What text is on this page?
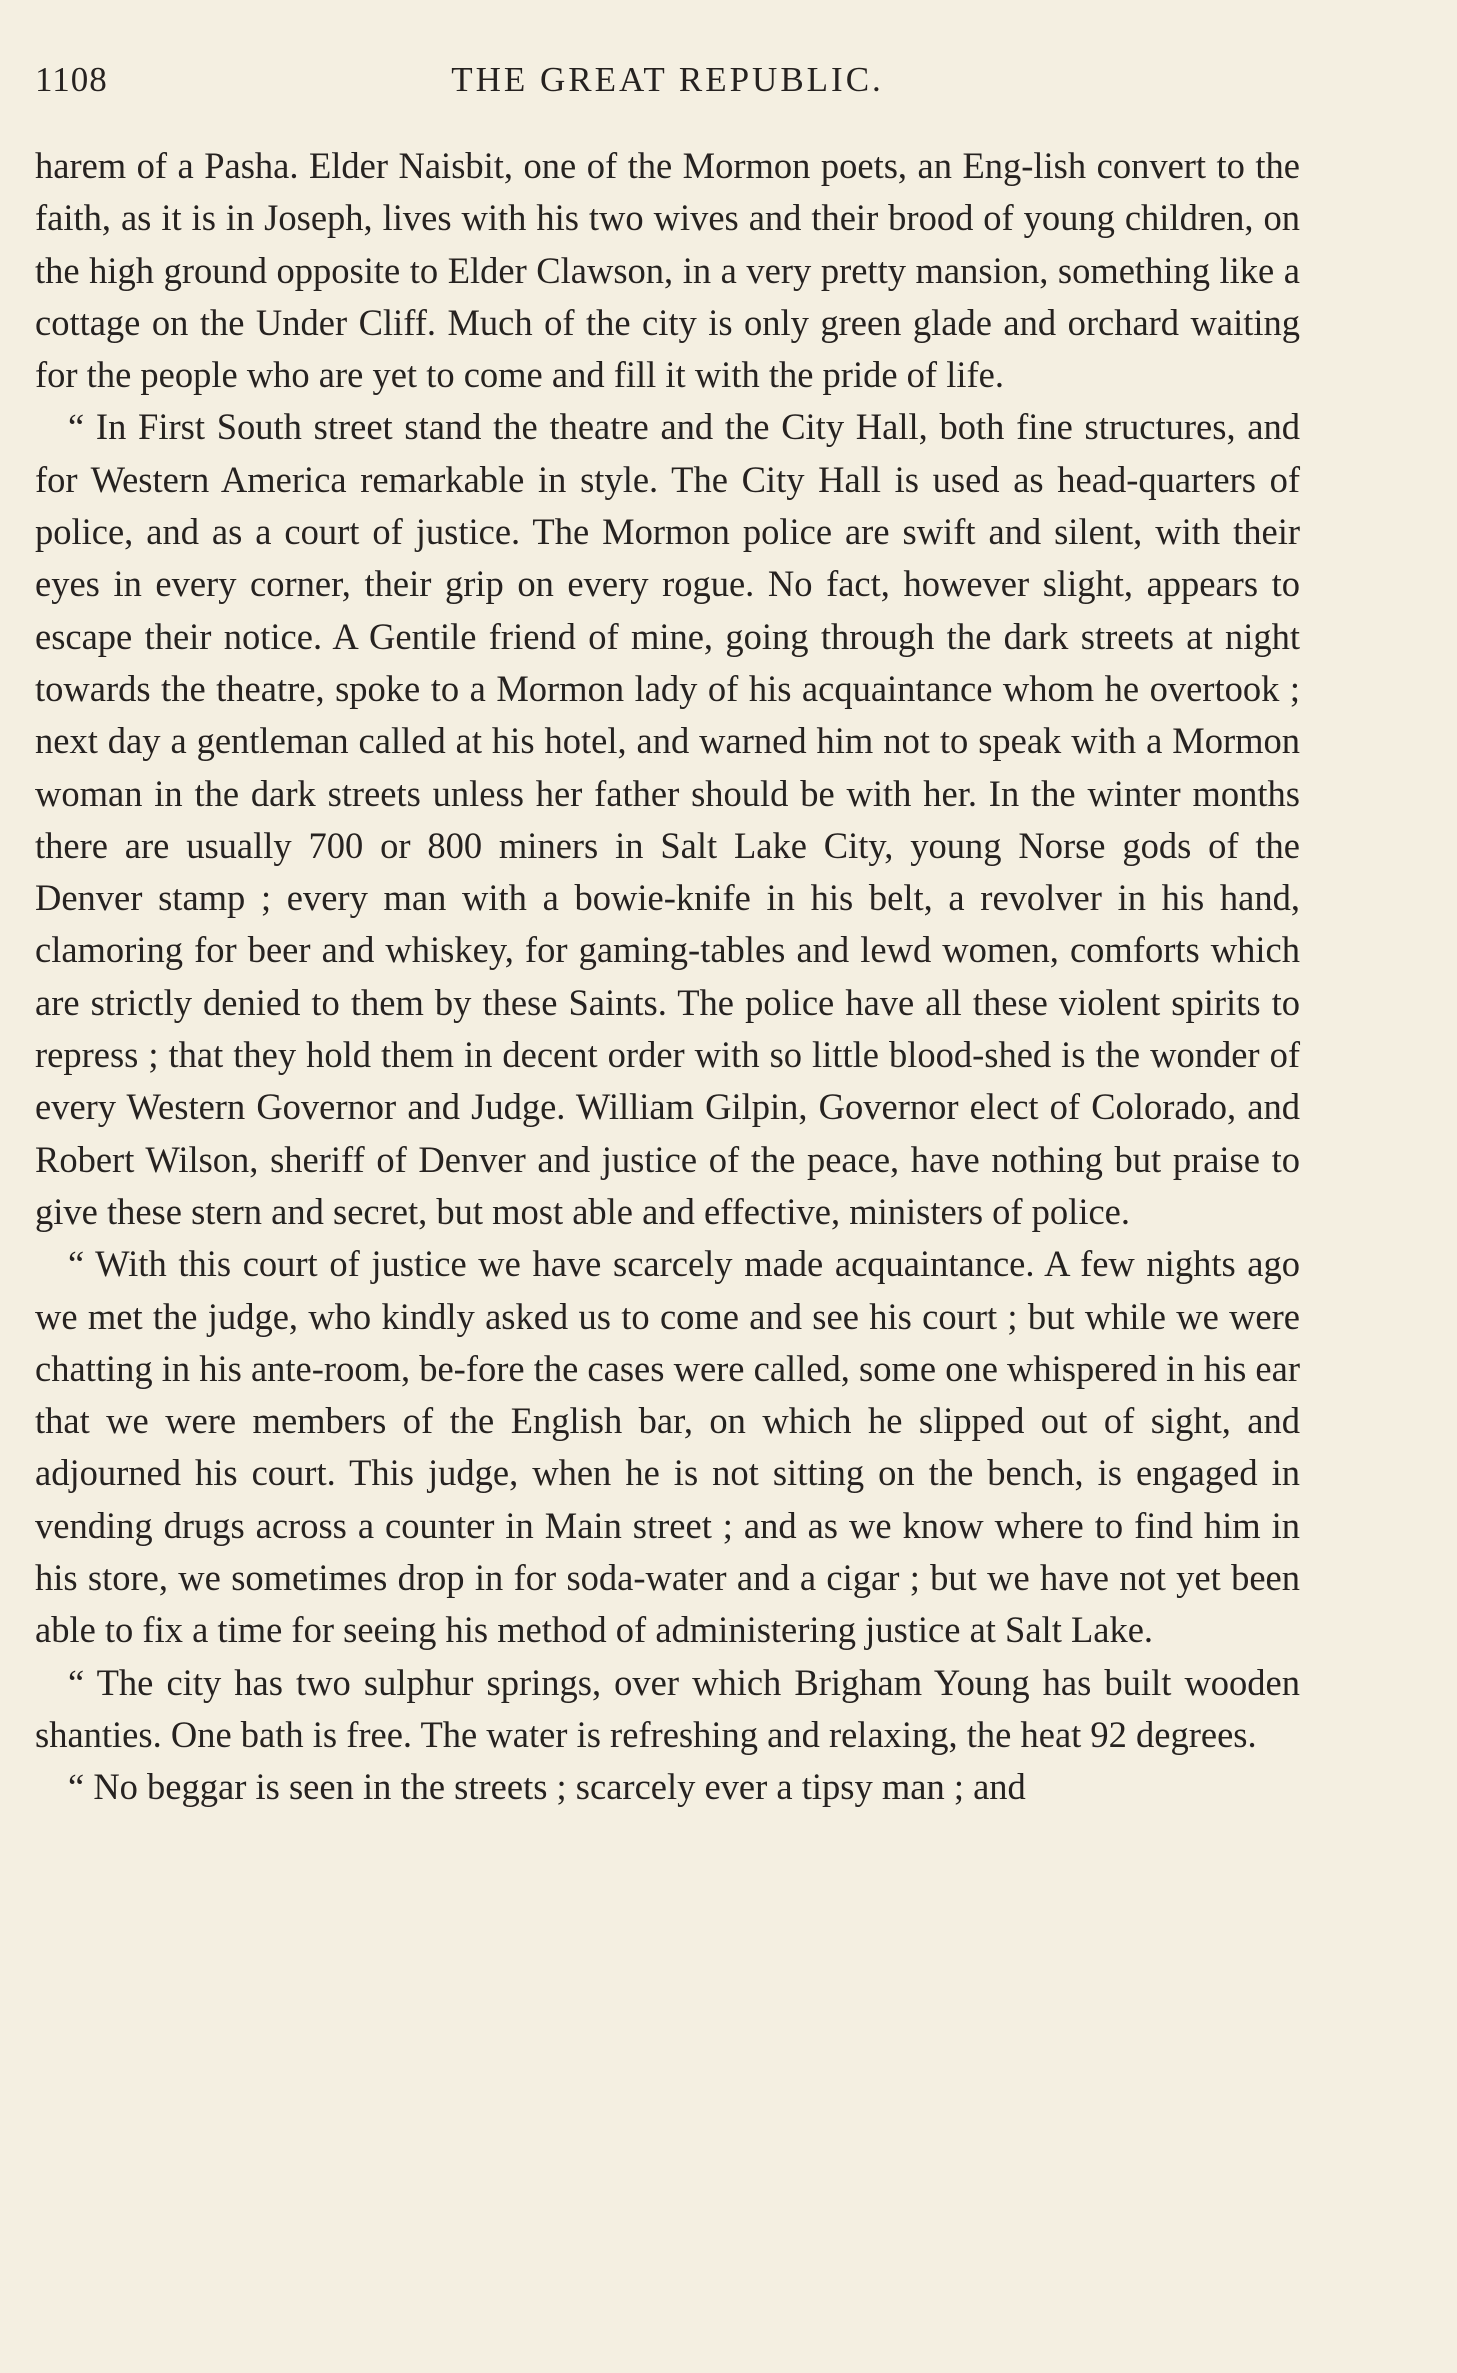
1108	THE GREAT REPUBLIC.

harem of a Pasha. Elder Naisbit, one of the Mormon poets, an Eng-lish convert to the faith, as it is in Joseph, lives with his two wives and their brood of young children, on the high ground opposite to Elder Clawson, in a very pretty mansion, something like a cottage on the Under Cliff. Much of the city is only green glade and orchard waiting for the people who are yet to come and fill it with the pride of life.

“ In First South street stand the theatre and the City Hall, both fine structures, and for Western America remarkable in style. The City Hall is used as head-quarters of police, and as a court of justice. The Mormon police are swift and silent, with their eyes in every corner, their grip on every rogue. No fact, however slight, appears to escape their notice. A Gentile friend of mine, going through the dark streets at night towards the theatre, spoke to a Mormon lady of his acquaintance whom he overtook ; next day a gentleman called at his hotel, and warned him not to speak with a Mormon woman in the dark streets unless her father should be with her. In the winter months there are usually 700 or 800 miners in Salt Lake City, young Norse gods of the Denver stamp ; every man with a bowie-knife in his belt, a revolver in his hand, clamoring for beer and whiskey, for gaming-tables and lewd women, comforts which are strictly denied to them by these Saints. The police have all these violent spirits to repress ; that they hold them in decent order with so little blood-shed is the wonder of every Western Governor and Judge. William Gilpin, Governor elect of Colorado, and Robert Wilson, sheriff of Denver and justice of the peace, have nothing but praise to give these stern and secret, but most able and effective, ministers of police.

“ With this court of justice we have scarcely made acquaintance. A few nights ago we met the judge, who kindly asked us to come and see his court ; but while we were chatting in his ante-room, be-fore the cases were called, some one whispered in his ear that we were members of the English bar, on which he slipped out of sight, and adjourned his court. This judge, when he is not sitting on the bench, is engaged in vending drugs across a counter in Main street ; and as we know where to find him in his store, we sometimes drop in for soda-water and a cigar ; but we have not yet been able to fix a time for seeing his method of administering justice at Salt Lake.

“ The city has two sulphur springs, over which Brigham Young has built wooden shanties. One bath is free. The water is refreshing and relaxing, the heat 92 degrees.

“ No beggar is seen in the streets ; scarcely ever a tipsy man ; and
